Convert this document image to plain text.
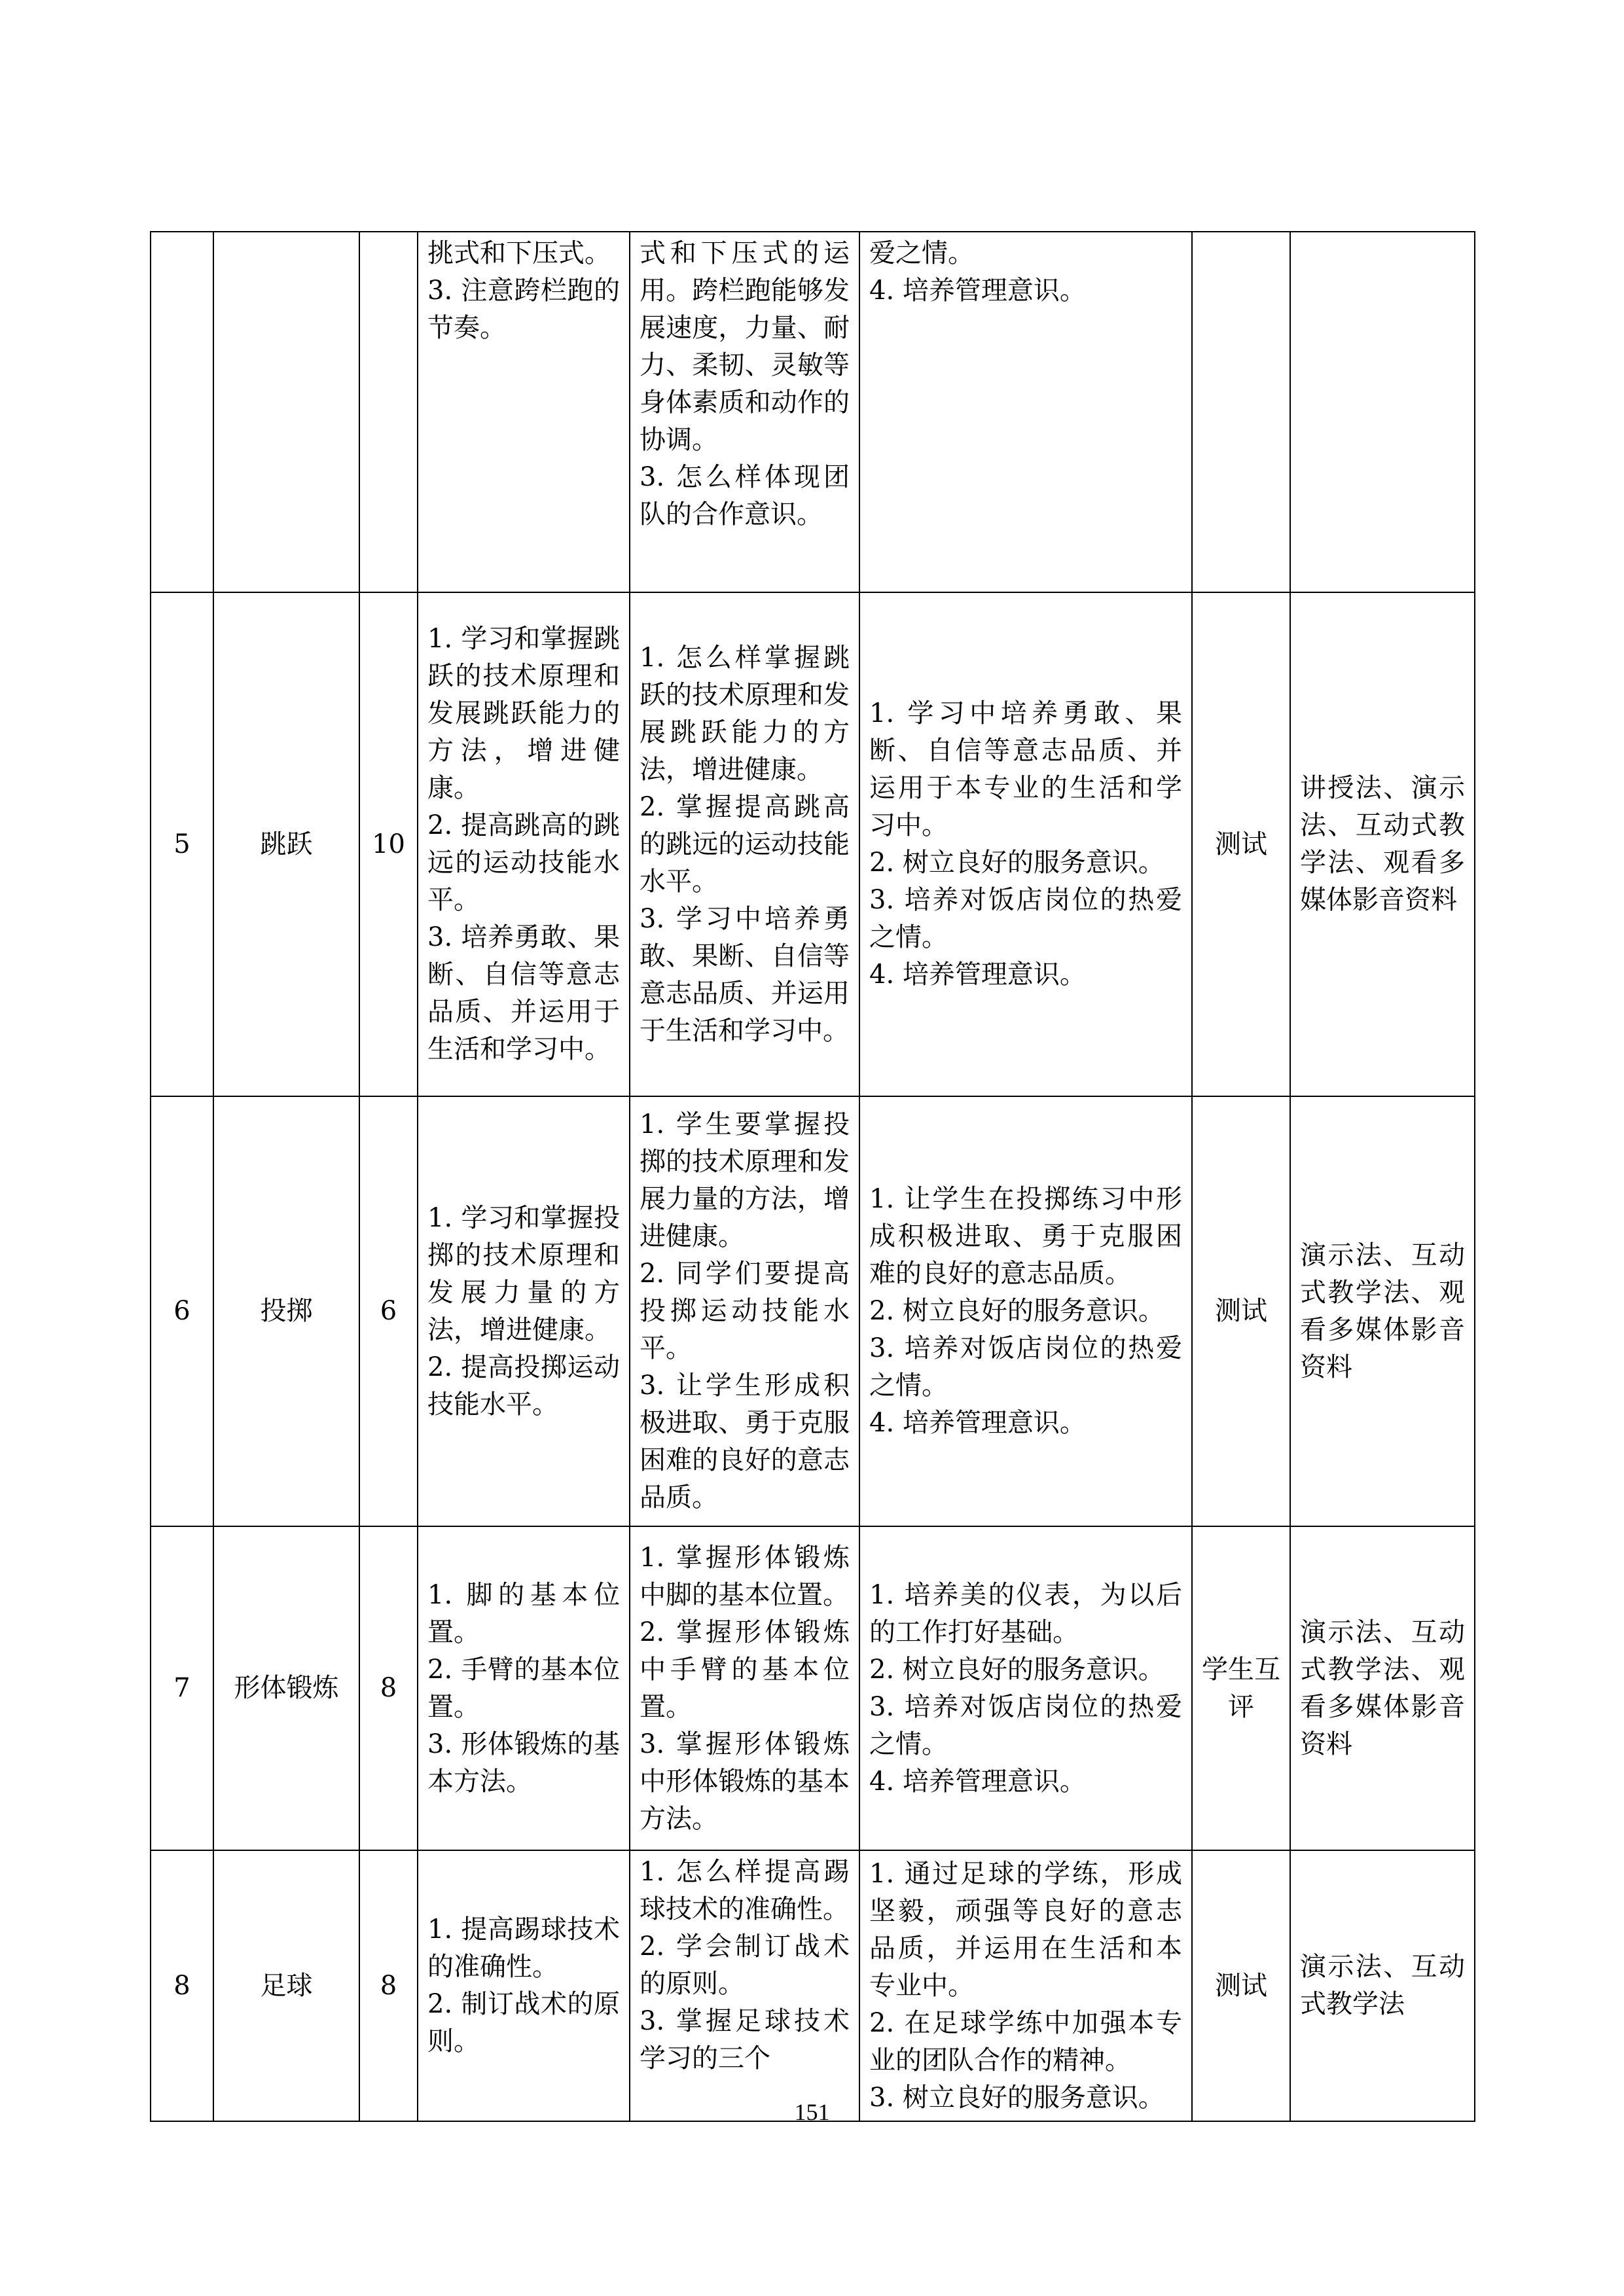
			挑式和下压式。
3. 注意跨栏跑的节奏。	式和下压式的运用。跨栏跑能够发展速度，力量、耐力、柔韧、灵敏等身体素质和动作的协调。
3. 怎么样体现团队的合作意识。	爱之情。
4. 培养管理意识。		

5	跳跃	10	1. 学习和掌握跳跃的技术原理和发展跳跃能力的方法，增进健康。
2. 提高跳高的跳远的运动技能水平。
3. 培养勇敢、果断、自信等意志品质、并运用于生活和学习中。	1. 怎么样掌握跳跃的技术原理和发展跳跃能力的方法，增进健康。
2. 掌握提高跳高的跳远的运动技能水平。
3. 学习中培养勇敢、果断、自信等意志品质、并运用于生活和学习中。	1. 学习中培养勇敢、果断、自信等意志品质、并运用于本专业的生活和学习中。
2. 树立良好的服务意识。
3. 培养对饭店岗位的热爱之情。
4. 培养管理意识。	测试	讲授法、演示法、互动式教学法、观看多媒体影音资料
6	投掷	6	1. 学习和掌握投掷的技术原理和发展力量的方法，增进健康。
2. 提高投掷运动技能水平。	1. 学生要掌握投掷的技术原理和发展力量的方法，增进健康。
2. 同学们要提高投掷运动技能水平。
3. 让学生形成积极进取、勇于克服困难的良好的意志品质。	1. 让学生在投掷练习中形成积极进取、勇于克服困难的良好的意志品质。
2. 树立良好的服务意识。
3. 培养对饭店岗位的热爱之情。
4. 培养管理意识。	测试	演示法、互动式教学法、观看多媒体影音资料
7	形体锻炼	8	1. 脚的基本位置。
2. 手臂的基本位置。
3. 形体锻炼的基本方法。	1. 掌握形体锻炼中脚的基本位置。
2. 掌握形体锻炼中手臂的基本位置。
3. 掌握形体锻炼中形体锻炼的基本方法。	1. 培养美的仪表，为以后的工作打好基础。
2. 树立良好的服务意识。
3. 培养对饭店岗位的热爱之情。
4. 培养管理意识。	学生互评	演示法、互动式教学法、观看多媒体影音资料
8	足球	8	1. 提高踢球技术的准确性。
2. 制订战术的原则。	1. 怎么样提高踢球技术的准确性。
2. 学会制订战术的原则。
3. 掌握足球技术学习的三个	1. 通过足球的学练，形成坚毅，顽强等良好的意志品质，并运用在生活和本专业中。
2. 在足球学练中加强本专业的团队合作的精神。
3. 树立良好的服务意识。	测试	演示法、互动式教学法
151
